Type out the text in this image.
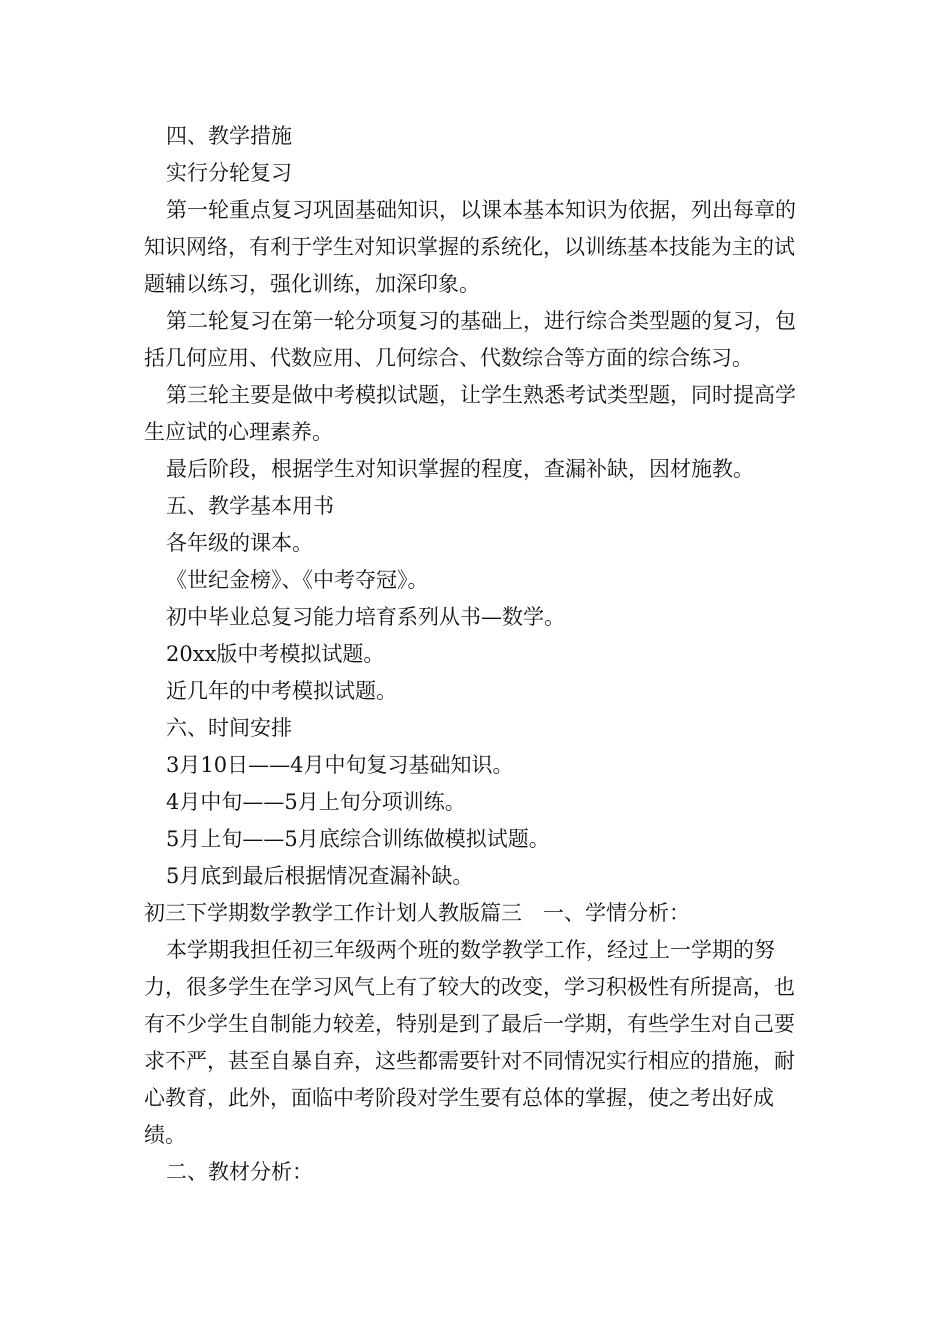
四、教学措施

实行分轮复习

第一轮重点复习巩固基础知识，以课本基本知识为依据，列出每章的知识网络，有利于学生对知识掌握的系统化，以训练基本技能为主的试题辅以练习，强化训练，加深印象。

第二轮复习在第一轮分项复习的基础上，进行综合类型题的复习，包括几何应用、代数应用、几何综合、代数综合等方面的综合练习。

第三轮主要是做中考模拟试题，让学生熟悉考试类型题，同时提高学生应试的心理素养。

最后阶段，根据学生对知识掌握的程度，查漏补缺，因材施教。

五、教学基本用书

各年级的课本。

《世纪金榜》、《中考夺冠》。

初中毕业总复习能力培育系列从书—数学。

20xx版中考模拟试题。

近几年的中考模拟试题。

六、时间安排

3月10日——4月中旬复习基础知识。

4月中旬——5月上旬分项训练。

5月上旬——5月底综合训练做模拟试题。

5月底到最后根据情况查漏补缺。

初三下学期数学教学工作计划人教版篇三　一、学情分析：

本学期我担任初三年级两个班的数学教学工作，经过上一学期的努力，很多学生在学习风气上有了较大的改变，学习积极性有所提高，也有不少学生自制能力较差，特别是到了最后一学期，有些学生对自己要求不严，甚至自暴自弃，这些都需要针对不同情况实行相应的措施，耐心教育，此外，面临中考阶段对学生要有总体的掌握，使之考出好成绩。

二、教材分析：
